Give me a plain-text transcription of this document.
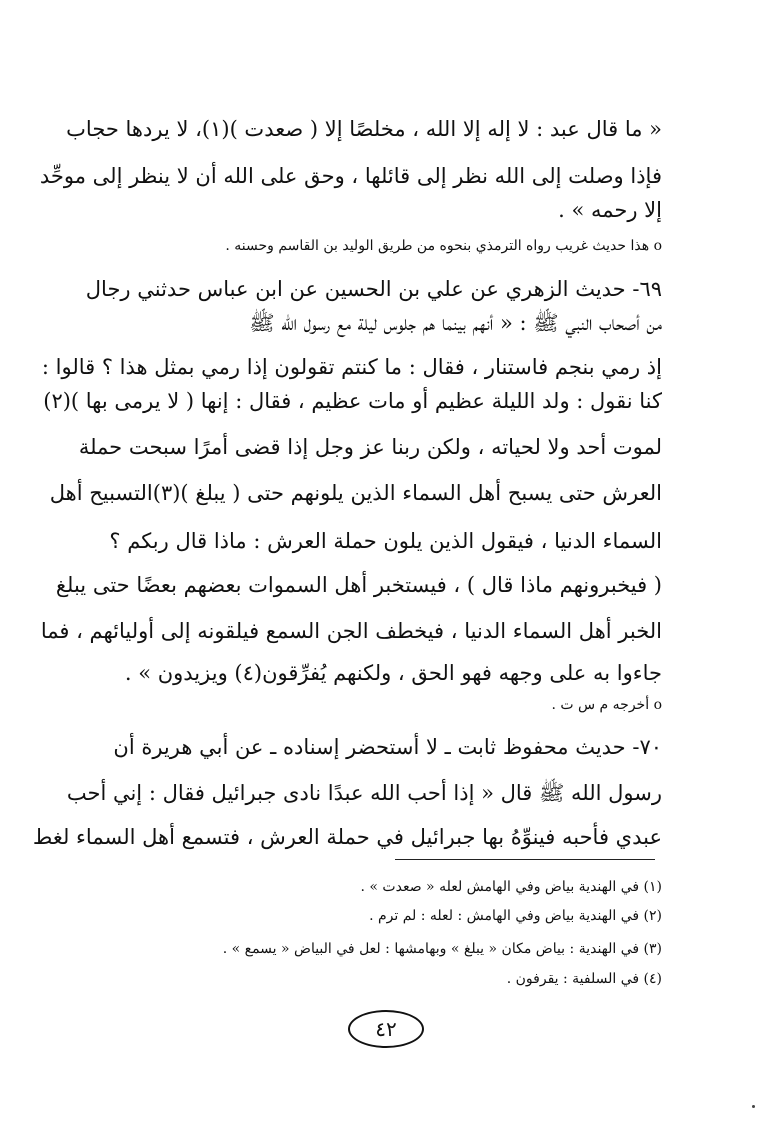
« ما قال عبد : لا إله إلا الله ، مخلصًا إلا ( صعدت )(١)، لا يردها حجاب
فإذا وصلت إلى الله نظر إلى قائلها ، وحق على الله أن لا ينظر إلى موحِّد
إلا رحمه » .
o هذا حديث غريب رواه الترمذي بنحوه من طريق الوليد بن القاسم وحسنه .
٦٩- حديث الزهري عن علي بن الحسين عن ابن عباس حدثني رجال
من أصحاب النبي ﷺ : « أنهم بينما هم جلوس ليلة مع رسول الله ﷺ
إذ رمي بنجم فاستنار ، فقال : ما كنتم تقولون إذا رمي بمثل هذا ؟ قالوا :
كنا نقول : ولد الليلة عظيم أو مات عظيم ، فقال : إنها ( لا يرمى بها )(٢)
لموت أحد ولا لحياته ، ولكن ربنا عز وجل إذا قضى أمرًا سبحت حملة
العرش حتى يسبح أهل السماء الذين يلونهم حتى ( يبلغ )(٣)التسبيح أهل
السماء الدنيا ، فيقول الذين يلون حملة العرش : ماذا قال ربكم ؟
( فيخبرونهم ماذا قال ) ، فيستخبر أهل السموات بعضهم بعضًا حتى يبلغ
الخبر أهل السماء الدنيا ، فيخطف الجن السمع فيلقونه إلى أوليائهم ، فما
جاءوا به على وجهه فهو الحق ، ولكنهم يُفرِّقون(٤) ويزيدون » .
o أخرجه م س ت .
٧٠- حديث محفوظ ثابت ـ لا أستحضر إسناده ـ عن أبي هريرة أن
رسول الله ﷺ قال « إذا أحب الله عبدًا نادى جبرائيل فقال : إني أحب
عبدي فأحبه فينوِّهُ بها جبرائيل في حملة العرش ، فتسمع أهل السماء لغط
(١) في الهندية بياض وفي الهامش لعله « صعدت » .
(٢) في الهندية بياض وفي الهامش : لعله : لم ترم .
(٣) في الهندية : بياض مكان « يبلغ » وبهامشها : لعل في البياض « يسمع » .
(٤) في السلفية : يقرفون .
٤٢
